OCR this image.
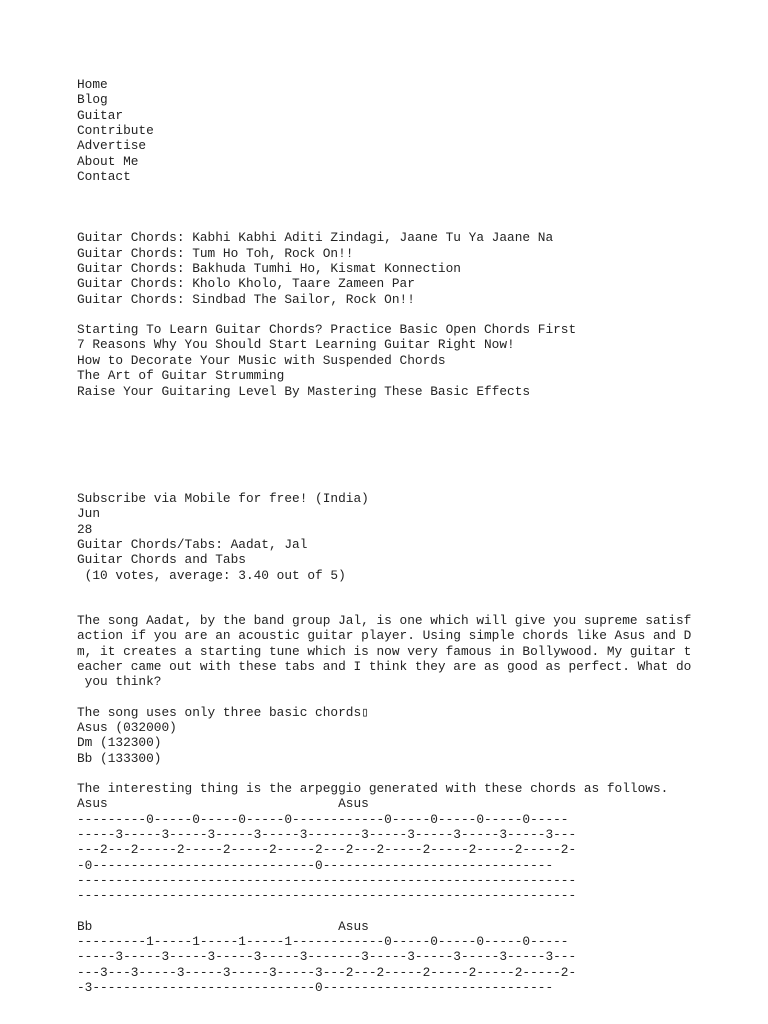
Home
Blog
Guitar
Contribute
Advertise
About Me
Contact
Guitar Chords: Kabhi Kabhi Aditi Zindagi, Jaane Tu Ya Jaane Na
Guitar Chords: Tum Ho Toh, Rock On!!
Guitar Chords: Bakhuda Tumhi Ho, Kismat Konnection
Guitar Chords: Kholo Kholo, Taare Zameen Par
Guitar Chords: Sindbad The Sailor, Rock On!!
Starting To Learn Guitar Chords? Practice Basic Open Chords First
7 Reasons Why You Should Start Learning Guitar Right Now!
How to Decorate Your Music with Suspended Chords
The Art of Guitar Strumming
Raise Your Guitaring Level By Mastering These Basic Effects
Subscribe via Mobile for free! (India)
Jun
28
Guitar Chords/Tabs: Aadat, Jal
Guitar Chords and Tabs
(10 votes, average: 3.40 out of 5)
The song Aadat, by the band group Jal, is one which will give you supreme satisf
action if you are an acoustic guitar player. Using simple chords like Asus and D
m, it creates a starting tune which is now very famous in Bollywood. My guitar t
eacher came out with these tabs and I think they are as good as perfect. What do
you think?
The song uses only three basic chords▯
Asus (032000)
Dm (132300)
Bb (133300)
The interesting thing is the arpeggio generated with these chords as follows.
Asus                              Asus
---------0-----0-----0-----0------------0-----0-----0-----0-----
-----3-----3-----3-----3-----3-------3-----3-----3-----3-----3---
---2---2-----2-----2-----2-----2---2---2-----2-----2-----2-----2-
-0-----------------------------0------------------------------
-----------------------------------------------------------------
-----------------------------------------------------------------
Bb                                Asus
---------1-----1-----1-----1------------0-----0-----0-----0-----
-----3-----3-----3-----3-----3-------3-----3-----3-----3-----3---
---3---3-----3-----3-----3-----3---2---2-----2-----2-----2-----2-
-3-----------------------------0------------------------------
